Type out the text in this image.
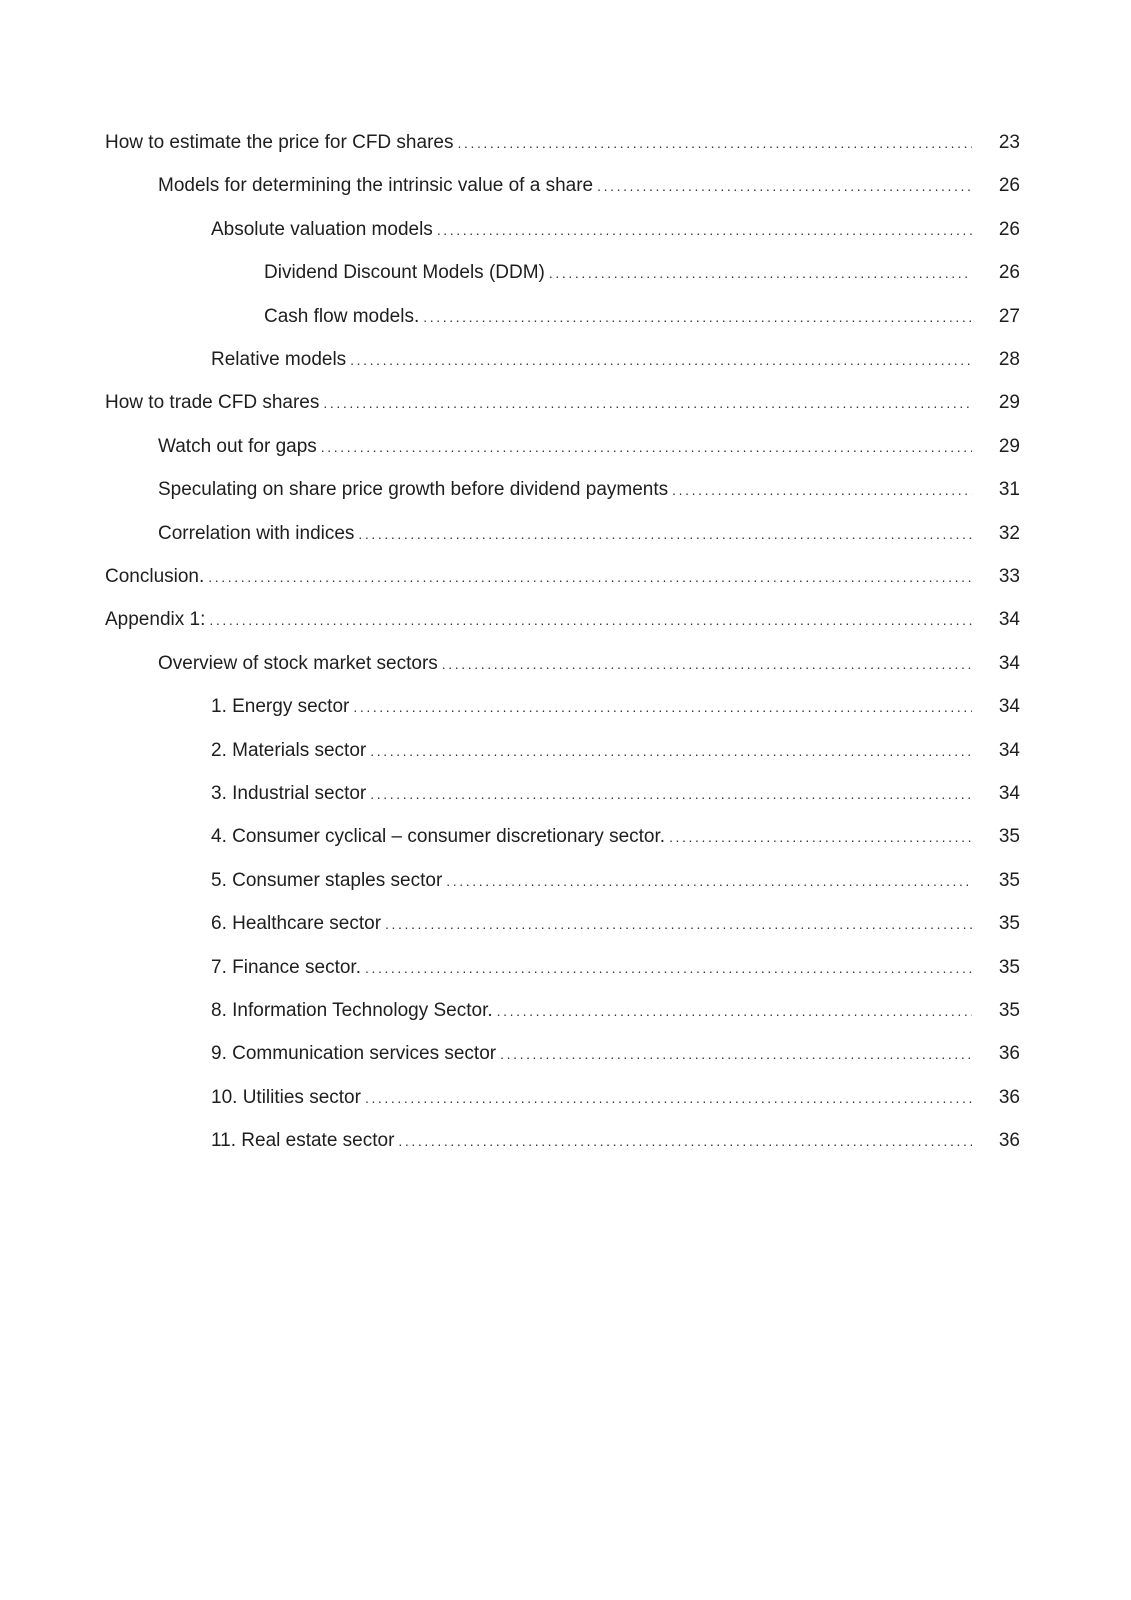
How to estimate the price for CFD shares .....	23
Models for determining the intrinsic value of a share .....	26
Absolute valuation models .....	26
Dividend Discount Models (DDM) .....	26
Cash flow models. .....	27
Relative models .....	28
How to trade CFD shares .....	29
Watch out for gaps .....	29
Speculating on share price growth before dividend payments .....	31
Correlation with indices .....	32
Conclusion. .....	33
Appendix 1: .....	34
Overview of stock market sectors .....	34
1. Energy sector .....	34
2. Materials sector .....	34
3. Industrial sector .....	34
4. Consumer cyclical – consumer discretionary sector. .....	35
5. Consumer staples sector .....	35
6. Healthcare sector .....	35
7. Finance sector. .....	35
8. Information Technology Sector. .....	35
9. Communication services sector .....	36
10. Utilities sector .....	36
11. Real estate sector .....	36
